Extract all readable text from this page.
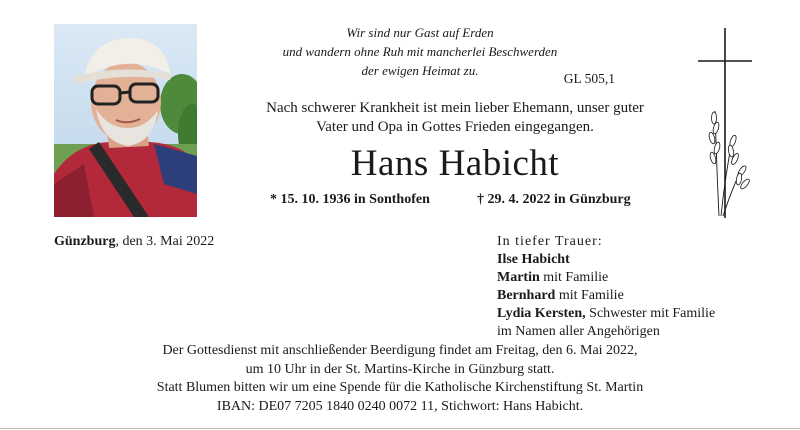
Wir sind nur Gast auf Erden
und wandern ohne Ruh mit mancherlei Beschwerden
der ewigen Heimat zu.
GL 505,1
Nach schwerer Krankheit ist mein lieber Ehemann, unser guter
Vater und Opa in Gottes Frieden eingegangen.
Hans Habicht
* 15. 10. 1936 in Sonthofen	† 29. 4. 2022 in Günzburg
Günzburg, den 3. Mai 2022	In tiefer Trauer:
Ilse Habicht
Martin mit Familie
Bernhard mit Familie
Lydia Kersten, Schwester mit Familie
im Namen aller Angehörigen
Der Gottesdienst mit anschließender Beerdigung findet am Freitag, den 6. Mai 2022,
um 10 Uhr in der St. Martins-Kirche in Günzburg statt.
Statt Blumen bitten wir um eine Spende für die Katholische Kirchenstiftung St. Martin
IBAN: DE07 7205 1840 0240 0072 11, Stichwort: Hans Habicht.
